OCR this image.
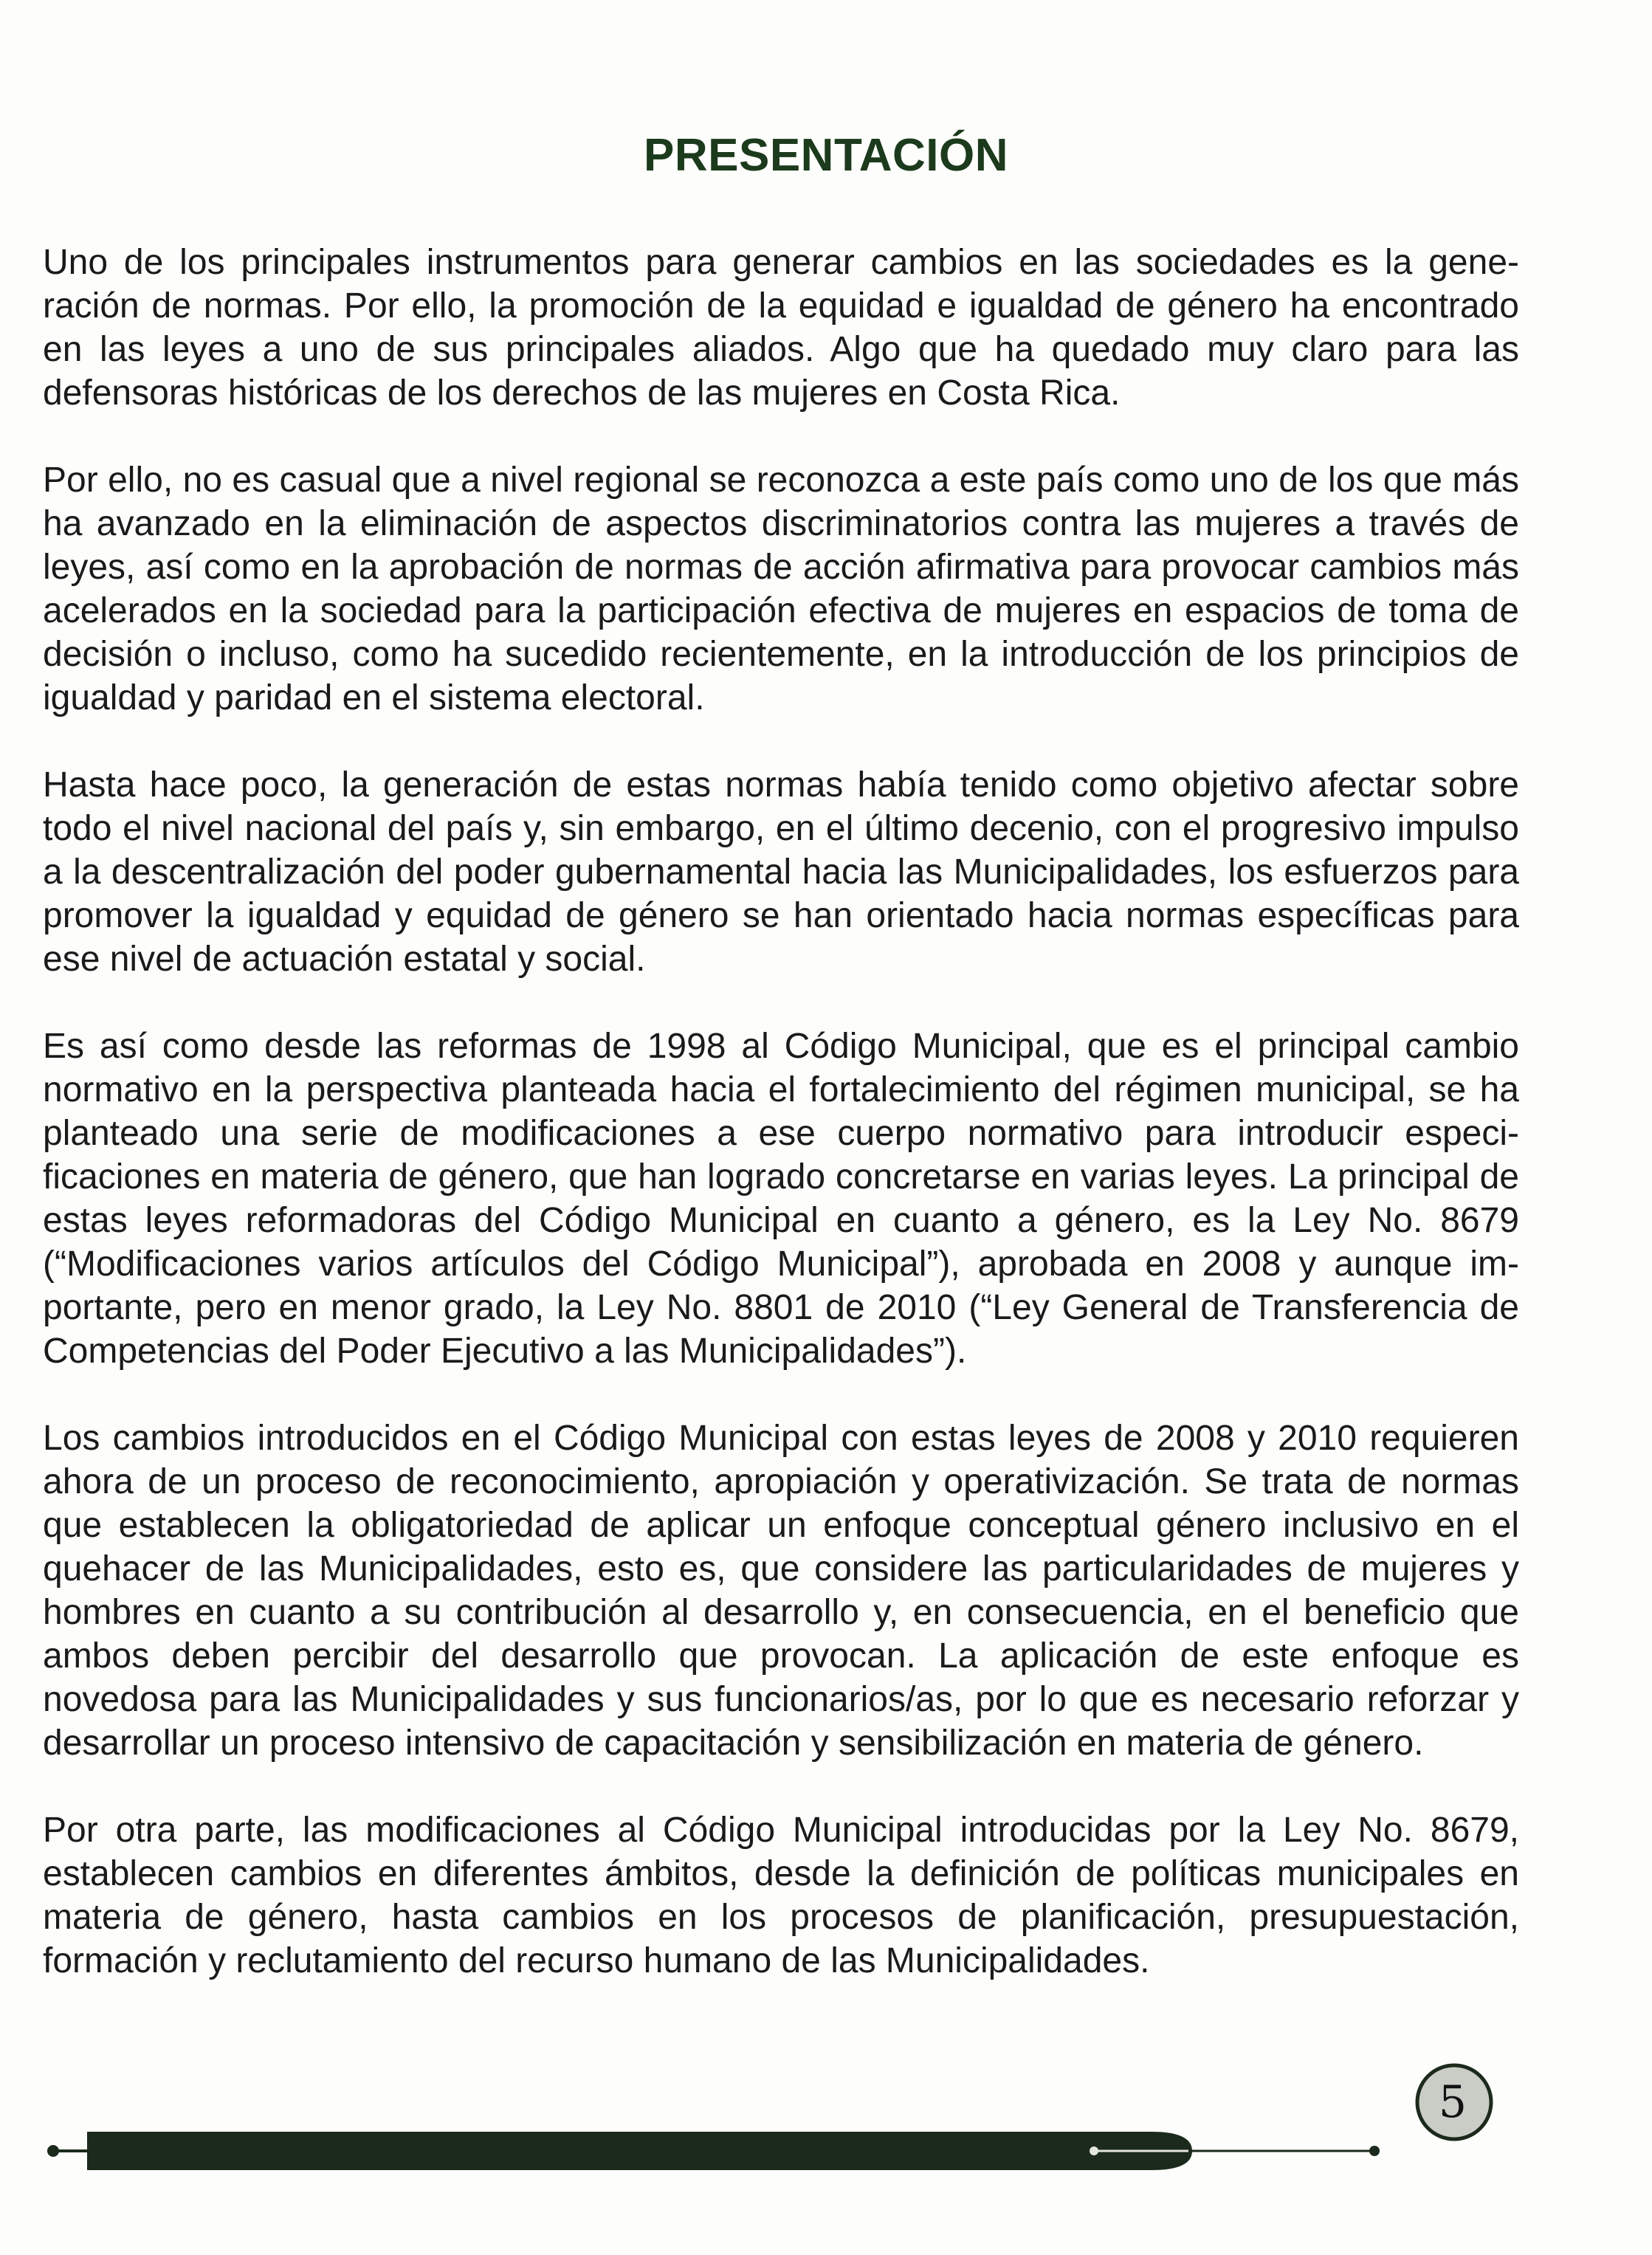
PRESENTACIÓN

Uno de los principales instrumentos para generar cambios en las sociedades es la generación de normas. Por ello, la promoción de la equidad e igualdad de género ha encontrado en las leyes a uno de sus principales aliados. Algo que ha quedado muy claro para las defensoras históricas de los derechos de las mujeres en Costa Rica.

Por ello, no es casual que a nivel regional se reconozca a este país como uno de los que más ha avanzado en la eliminación de aspectos discriminatorios contra las mujeres a través de leyes, así como en la aprobación de normas de acción afirmativa para provocar cambios más acelerados en la sociedad para la participación efectiva de mujeres en espacios de toma de decisión o incluso, como ha sucedido recientemente, en la introducción de los principios de igualdad y paridad en el sistema electoral.

Hasta hace poco, la generación de estas normas había tenido como objetivo afectar sobre todo el nivel nacional del país y, sin embargo, en el último decenio, con el progresivo impulso a la descentralización del poder gubernamental hacia las Municipalidades, los esfuerzos para promover la igualdad y equidad de género se han orientado hacia normas específicas para ese nivel de actuación estatal y social.

Es así como desde las reformas de 1998 al Código Municipal, que es el principal cambio normativo en la perspectiva planteada hacia el fortalecimiento del régimen municipal, se ha planteado una serie de modificaciones a ese cuerpo normativo para introducir especificaciones en materia de género, que han logrado concretarse en varias leyes. La principal de estas leyes reformadoras del Código Municipal en cuanto a género, es la Ley No. 8679 (“Modificaciones varios artículos del Código Municipal”), aprobada en 2008 y aunque importante, pero en menor grado, la Ley No. 8801 de 2010 (“Ley General de Transferencia de Competencias del Poder Ejecutivo a las Municipalidades”).

Los cambios introducidos en el Código Municipal con estas leyes de 2008 y 2010 requieren ahora de un proceso de reconocimiento, apropiación y operativización. Se trata de normas que establecen la obligatoriedad de aplicar un enfoque conceptual género inclusivo en el quehacer de las Municipalidades, esto es, que considere las particularidades de mujeres y hombres en cuanto a su contribución al desarrollo y, en consecuencia, en el beneficio que ambos deben percibir del desarrollo que provocan. La aplicación de este enfoque es novedosa para las Municipalidades y sus funcionarios/as, por lo que es necesario reforzar y desarrollar un proceso intensivo de capacitación y sensibilización en materia de género.

Por otra parte, las modificaciones al Código Municipal introducidas por la Ley No. 8679, establecen cambios en diferentes ámbitos, desde la definición de políticas municipales en materia de género, hasta cambios en los procesos de planificación, presupuestación, formación y reclutamiento del recurso humano de las Municipalidades.

5
